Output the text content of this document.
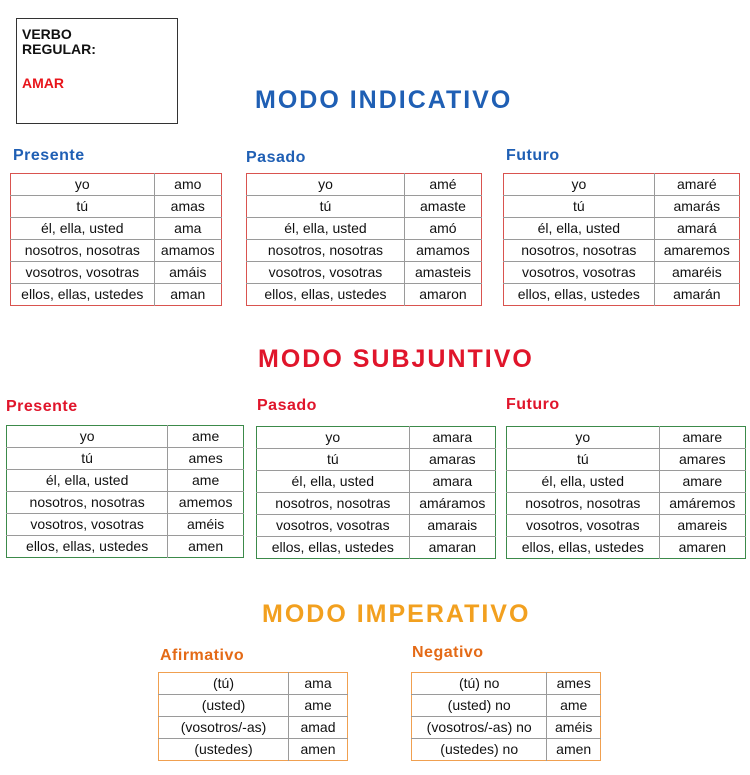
VERBO
REGULAR:
AMAR
MODO INDICATIVO
Presente
yo	amo
tú	amas
él, ella, usted	ama
nosotros, nosotras	amamos
vosotros, vosotras	amáis
ellos, ellas, ustedes	aman
Pasado
yo	amé
tú	amaste
él, ella, usted	amó
nosotros, nosotras	amamos
vosotros, vosotras	amasteis
ellos, ellas, ustedes	amaron
Futuro
yo	amaré
tú	amarás
él, ella, usted	amará
nosotros, nosotras	amaremos
vosotros, vosotras	amaréis
ellos, ellas, ustedes	amarán
MODO SUBJUNTIVO
Presente
yo	ame
tú	ames
él, ella, usted	ame
nosotros, nosotras	amemos
vosotros, vosotras	améis
ellos, ellas, ustedes	amen
Pasado
yo	amara
tú	amaras
él, ella, usted	amara
nosotros, nosotras	amáramos
vosotros, vosotras	amarais
ellos, ellas, ustedes	amaran
Futuro
yo	amare
tú	amares
él, ella, usted	amare
nosotros, nosotras	amáremos
vosotros, vosotras	amareis
ellos, ellas, ustedes	amaren
MODO IMPERATIVO
Afirmativo
(tú)	ama
(usted)	ame
(vosotros/-as)	amad
(ustedes)	amen
Negativo
(tú) no	ames
(usted) no	ame
(vosotros/-as) no	améis
(ustedes) no	amen
